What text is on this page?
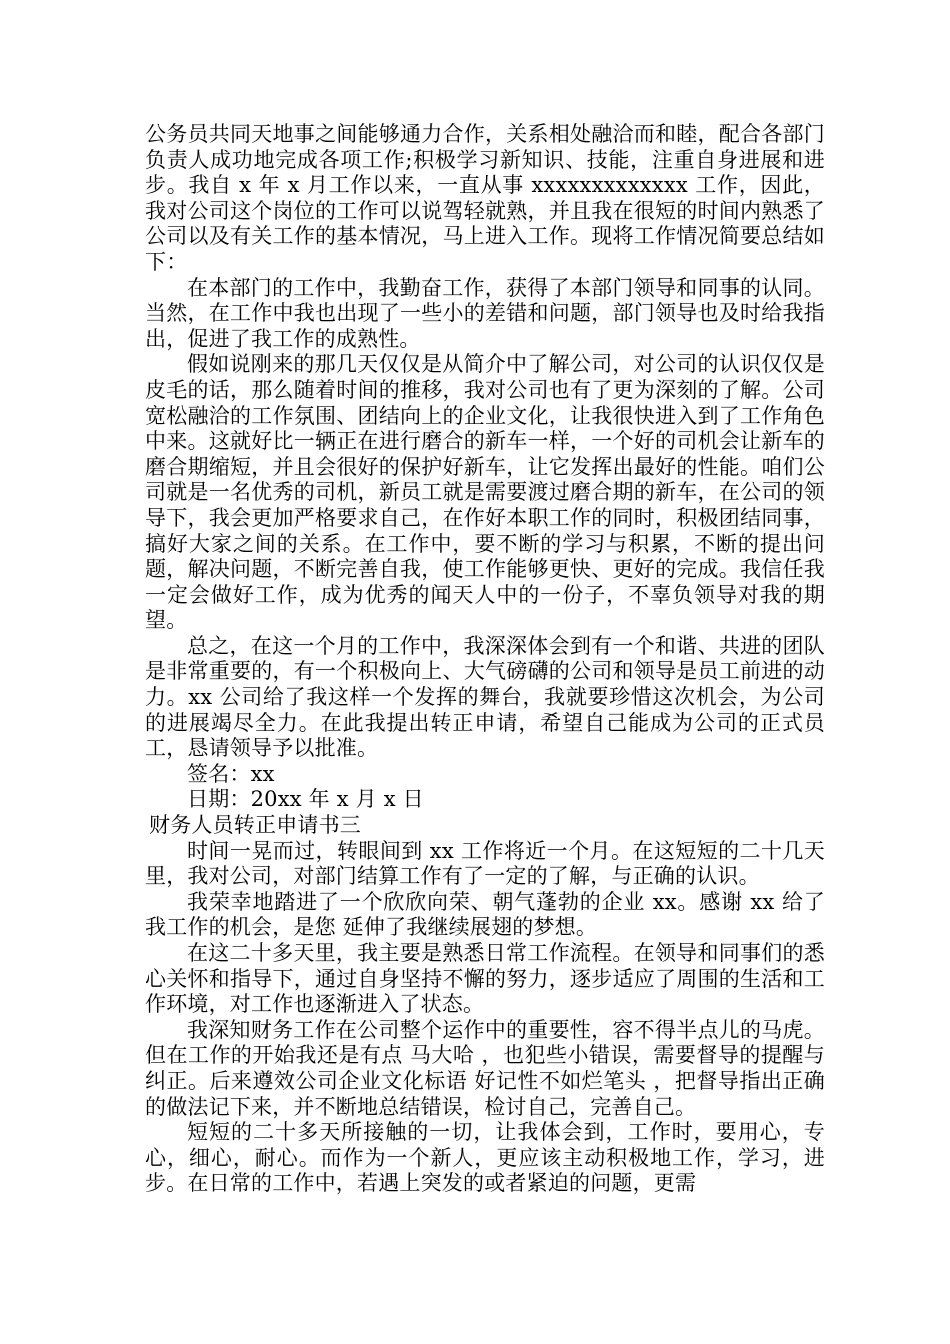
公务员共同天地事之间能够通力合作，关系相处融洽而和睦，配合各部门负责人成功地完成各项工作;积极学习新知识、技能，注重自身进展和进步。我自 x 年 x 月工作以来，一直从事 xxxxxxxxxxxxx 工作，因此，我对公司这个岗位的工作可以说驾轻就熟，并且我在很短的时间内熟悉了公司以及有关工作的基本情况，马上进入工作。现将工作情况简要总结如下：

在本部门的工作中，我勤奋工作，获得了本部门领导和同事的认同。当然，在工作中我也出现了一些小的差错和问题，部门领导也及时给我指出，促进了我工作的成熟性。

假如说刚来的那几天仅仅是从简介中了解公司，对公司的认识仅仅是皮毛的话，那么随着时间的推移，我对公司也有了更为深刻的了解。公司宽松融洽的工作氛围、团结向上的企业文化，让我很快进入到了工作角色中来。这就好比一辆正在进行磨合的新车一样，一个好的司机会让新车的磨合期缩短，并且会很好的保护好新车，让它发挥出最好的性能。咱们公司就是一名优秀的司机，新员工就是需要渡过磨合期的新车，在公司的领导下，我会更加严格要求自己，在作好本职工作的同时，积极团结同事，搞好大家之间的关系。在工作中，要不断的学习与积累，不断的提出问题，解决问题，不断完善自我，使工作能够更快、更好的完成。我信任我一定会做好工作，成为优秀的闻天人中的一份子，不辜负领导对我的期望。

总之，在这一个月的工作中，我深深体会到有一个和谐、共进的团队是非常重要的，有一个积极向上、大气磅礴的公司和领导是员工前进的动力。xx 公司给了我这样一个发挥的舞台，我就要珍惜这次机会，为公司的进展竭尽全力。在此我提出转正申请，希望自己能成为公司的正式员工，恳请领导予以批准。

签名：xx

日期：20xx 年 x 月 x 日

财务人员转正申请书三

时间一晃而过，转眼间到 xx 工作将近一个月。在这短短的二十几天里，我对公司，对部门结算工作有了一定的了解，与正确的认识。

我荣幸地踏进了一个欣欣向荣、朝气蓬勃的企业 xx。感谢 xx 给了我工作的机会，是您 延伸了我继续展翅的梦想。

在这二十多天里，我主要是熟悉日常工作流程。在领导和同事们的悉心关怀和指导下，通过自身坚持不懈的努力，逐步适应了周围的生活和工作环境，对工作也逐渐进入了状态。

我深知财务工作在公司整个运作中的重要性，容不得半点儿的马虎。但在工作的开始我还是有点 马大哈 ，也犯些小错误，需要督导的提醒与纠正。后来遵效公司企业文化标语 好记性不如烂笔头 ，把督导指出正确的做法记下来，并不断地总结错误，检讨自己，完善自己。

短短的二十多天所接触的一切，让我体会到，工作时，要用心，专心，细心，耐心。而作为一个新人，更应该主动积极地工作，学习，进步。在日常的工作中，若遇上突发的或者紧迫的问题，更需
